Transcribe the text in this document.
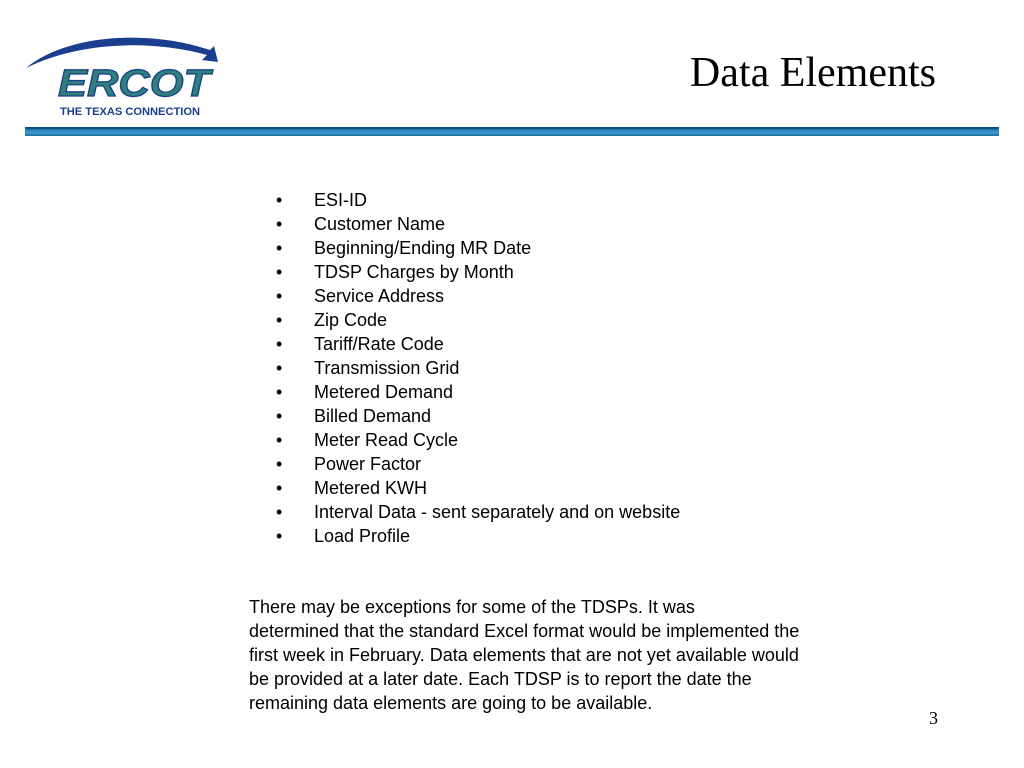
ERCOT
THE TEXAS CONNECTION
Data Elements
• ESI-ID
• Customer Name
• Beginning/Ending MR Date
• TDSP Charges by Month
• Service Address
• Zip Code
• Tariff/Rate Code
• Transmission Grid
• Metered Demand
• Billed Demand
• Meter Read Cycle
• Power Factor
• Metered KWH
• Interval Data - sent separately and on website
• Load Profile

There may be exceptions for some of the TDSPs. It was
determined that the standard Excel format would be implemented the
first week in February. Data elements that are not yet available would
be provided at a later date. Each TDSP is to report the date the
remaining data elements are going to be available.

3
